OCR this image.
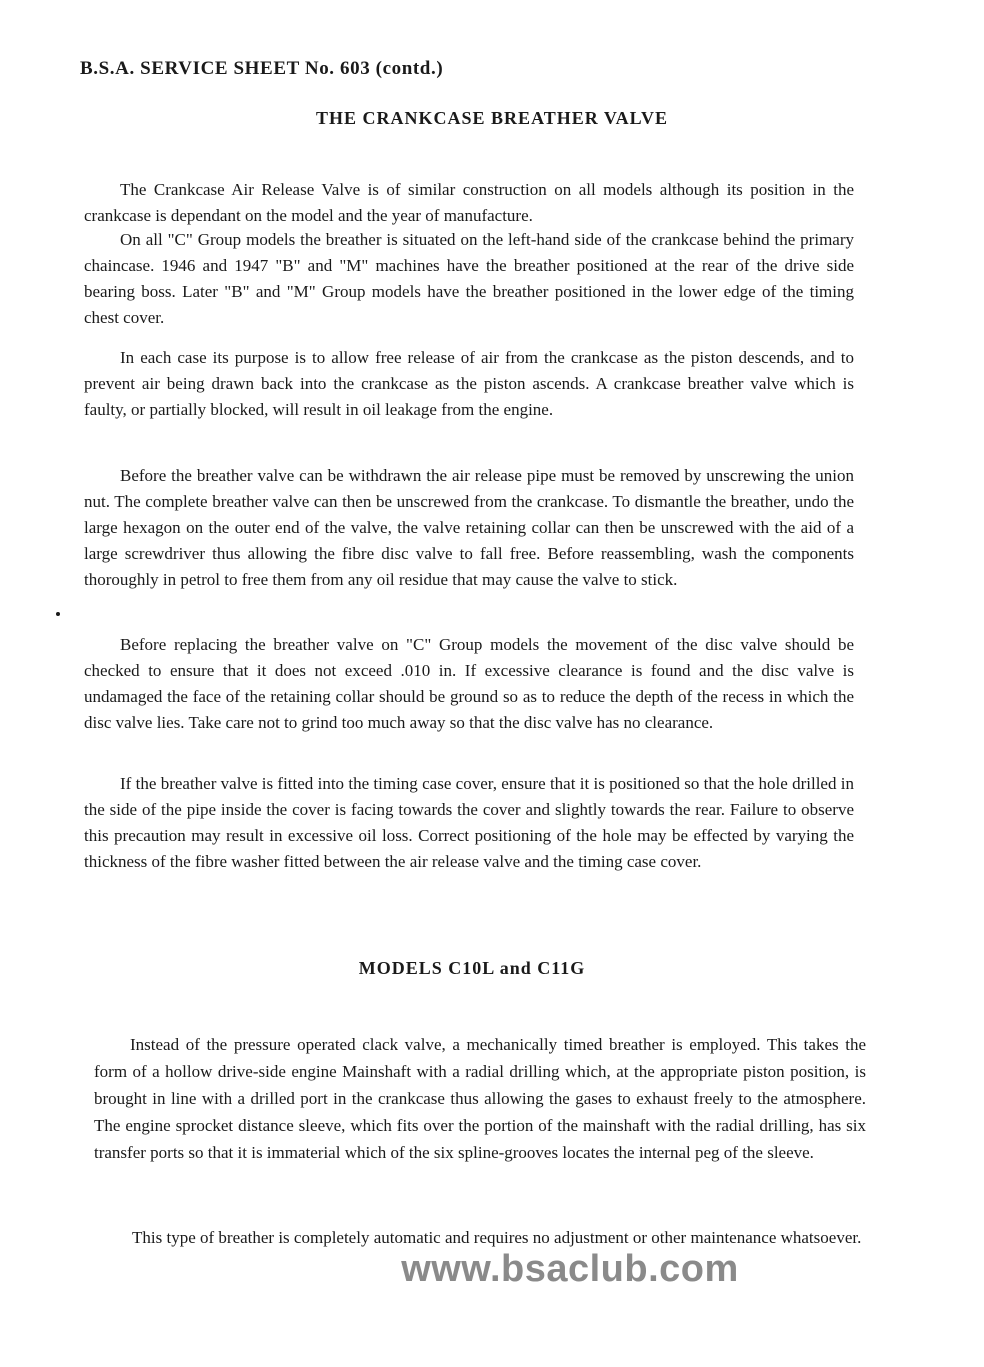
B.S.A. SERVICE SHEET No. 603 (contd.)
THE CRANKCASE BREATHER VALVE

The Crankcase Air Release Valve is of similar construction on all models although its position in the crankcase is dependant on the model and the year of manufacture.

On all "C" Group models the breather is situated on the left-hand side of the crankcase behind the primary chaincase. 1946 and 1947 "B" and "M" machines have the breather positioned at the rear of the drive side bearing boss. Later "B" and "M" Group models have the breather positioned in the lower edge of the timing chest cover.

In each case its purpose is to allow free release of air from the crankcase as the piston descends, and to prevent air being drawn back into the crankcase as the piston ascends. A crankcase breather valve which is faulty, or partially blocked, will result in oil leakage from the engine.

Before the breather valve can be withdrawn the air release pipe must be removed by unscrewing the union nut. The complete breather valve can then be unscrewed from the crankcase. To dismantle the breather, undo the large hexagon on the outer end of the valve, the valve retaining collar can then be unscrewed with the aid of a large screwdriver thus allowing the fibre disc valve to fall free. Before reassembling, wash the components thoroughly in petrol to free them from any oil residue that may cause the valve to stick.

Before replacing the breather valve on "C" Group models the movement of the disc valve should be checked to ensure that it does not exceed .010 in. If excessive clearance is found and the disc valve is undamaged the face of the retaining collar should be ground so as to reduce the depth of the recess in which the disc valve lies. Take care not to grind too much away so that the disc valve has no clearance.

If the breather valve is fitted into the timing case cover, ensure that it is positioned so that the hole drilled in the side of the pipe inside the cover is facing towards the cover and slightly towards the rear. Failure to observe this precaution may result in excessive oil loss. Correct positioning of the hole may be effected by varying the thickness of the fibre washer fitted between the air release valve and the timing case cover.

MODELS C10L and C11G

Instead of the pressure operated clack valve, a mechanically timed breather is employed. This takes the form of a hollow drive-side engine Mainshaft with a radial drilling which, at the appropriate piston position, is brought in line with a drilled port in the crankcase thus allowing the gases to exhaust freely to the atmosphere. The engine sprocket distance sleeve, which fits over the portion of the mainshaft with the radial drilling, has six transfer ports so that it is immaterial which of the six spline-grooves locates the internal peg of the sleeve.

This type of breather is completely automatic and requires no adjustment or other maintenance whatsoever.

www.bsaclub.com
